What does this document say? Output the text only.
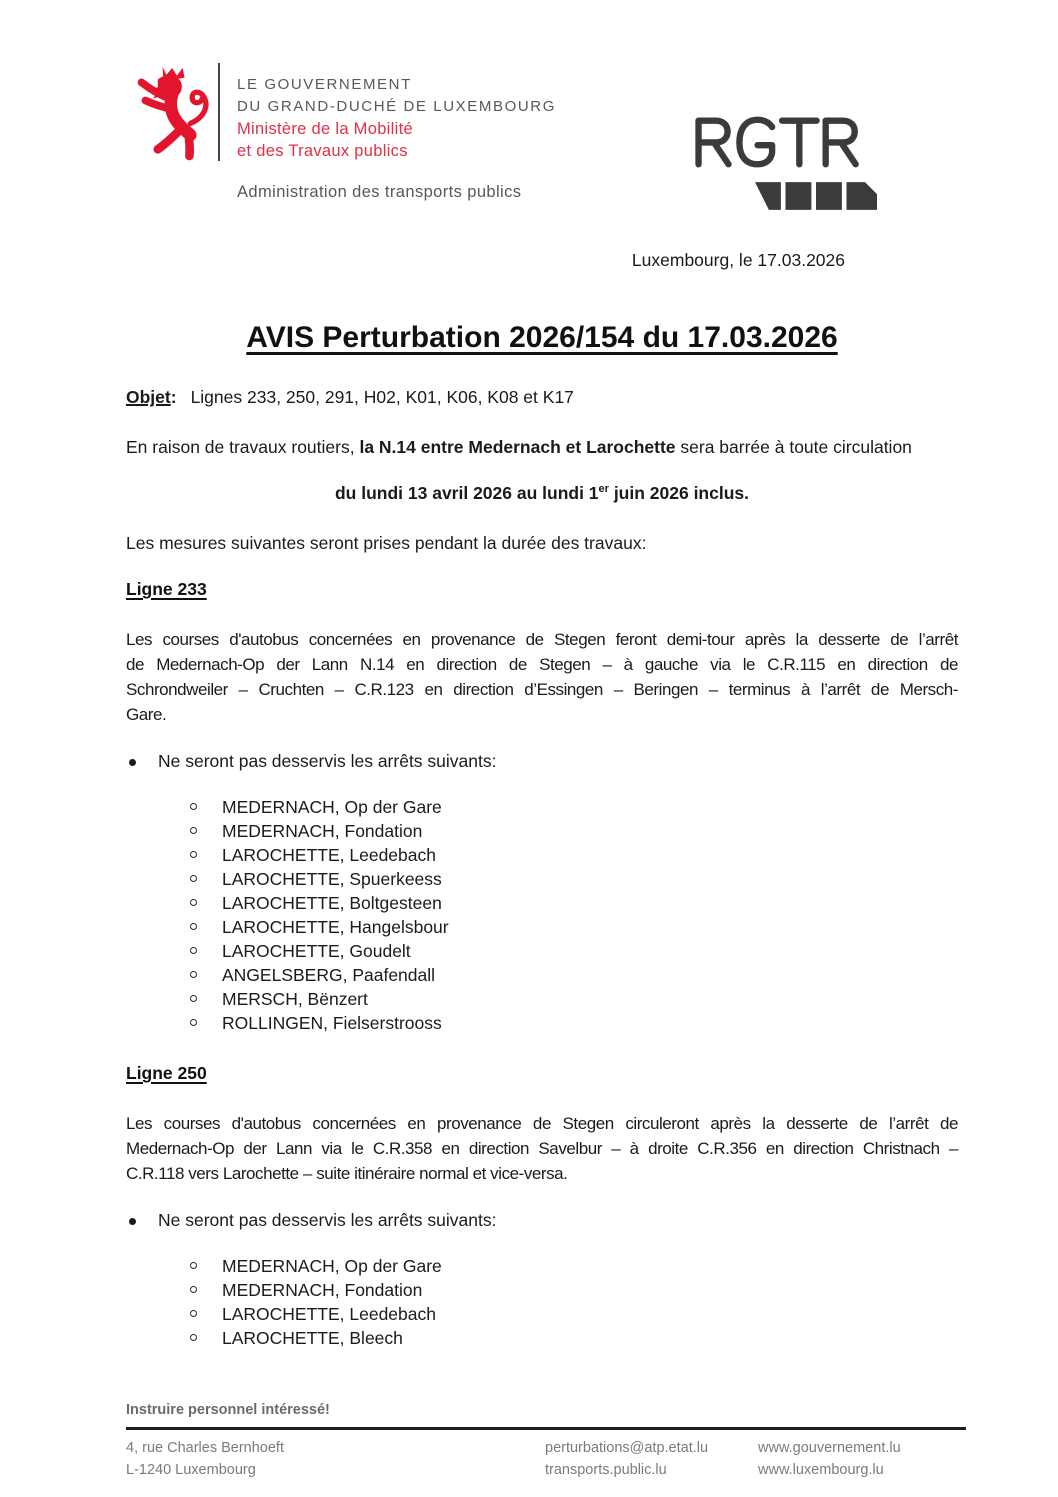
LE GOUVERNEMENT
DU GRAND-DUCHÉ DE LUXEMBOURG
Ministère de la Mobilité
et des Travaux publics
Administration des transports publics
Luxembourg, le 17.03.2026
AVIS Perturbation 2026/154 du 17.03.2026
Objet: Lignes 233, 250, 291, H02, K01, K06, K08 et K17
En raison de travaux routiers, la N.14 entre Medernach et Larochette sera barrée à toute circulation
du lundi 13 avril 2026 au lundi 1er juin 2026 inclus.
Les mesures suivantes seront prises pendant la durée des travaux:
Ligne 233
Les courses d'autobus concernées en provenance de Stegen feront demi-tour après la desserte de l’arrêt
de Medernach-Op der Lann N.14 en direction de Stegen – à gauche via le C.R.115 en direction de
Schrondweiler – Cruchten – C.R.123 en direction d’Essingen – Beringen – terminus à l’arrêt de Mersch-
Gare.
Ne seront pas desservis les arrêts suivants:
MEDERNACH, Op der Gare
MEDERNACH, Fondation
LAROCHETTE, Leedebach
LAROCHETTE, Spuerkeess
LAROCHETTE, Boltgesteen
LAROCHETTE, Hangelsbour
LAROCHETTE, Goudelt
ANGELSBERG, Paafendall
MERSCH, Bënzert
ROLLINGEN, Fielserstrooss
Ligne 250
Les courses d'autobus concernées en provenance de Stegen circuleront après la desserte de l’arrêt de
Medernach-Op der Lann via le C.R.358 en direction Savelbur – à droite C.R.356 en direction Christnach –
C.R.118 vers Larochette – suite itinéraire normal et vice-versa.
Ne seront pas desservis les arrêts suivants:
MEDERNACH, Op der Gare
MEDERNACH, Fondation
LAROCHETTE, Leedebach
LAROCHETTE, Bleech
Instruire personnel intéressé!
4, rue Charles Bernhoeft
L-1240 Luxembourg
perturbations@atp.etat.lu
transports.public.lu
www.gouvernement.lu
www.luxembourg.lu
